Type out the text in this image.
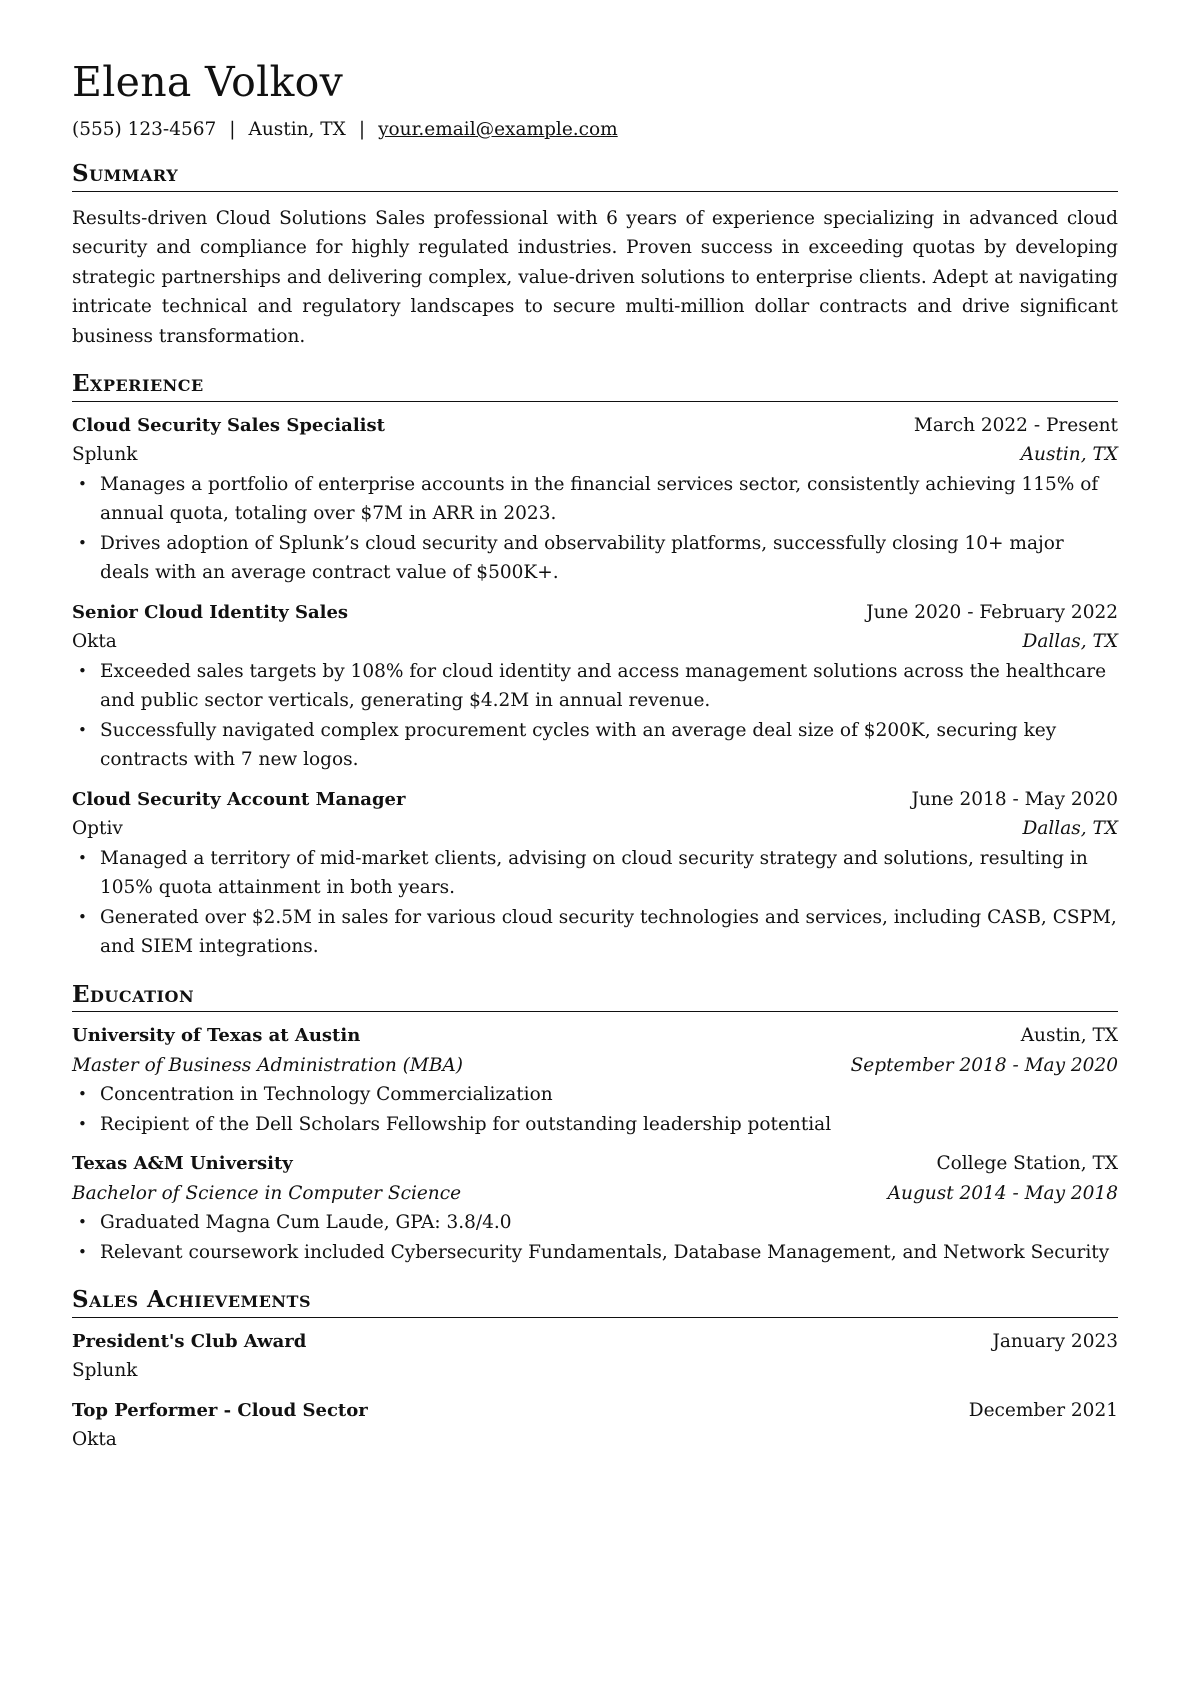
Elena Volkov
(555) 123-4567 | Austin, TX | your.email@example.com
Summary
Results-driven Cloud Solutions Sales professional with 6 years of experience specializing in advanced cloud security and compliance for highly regulated industries. Proven success in exceeding quotas by developing strategic partnerships and delivering complex, value-driven solutions to enterprise clients. Adept at navigating intricate technical and regulatory landscapes to secure multi-million dollar contracts and drive significant business transformation.
Experience
Cloud Security Sales Specialist	March 2022 - Present
Splunk	Austin, TX
• Manages a portfolio of enterprise accounts in the financial services sector, consistently achieving 115% of annual quota, totaling over $7M in ARR in 2023.
• Drives adoption of Splunk’s cloud security and observability platforms, successfully closing 10+ major deals with an average contract value of $500K+.
Senior Cloud Identity Sales	June 2020 - February 2022
Okta	Dallas, TX
• Exceeded sales targets by 108% for cloud identity and access management solutions across the healthcare and public sector verticals, generating $4.2M in annual revenue.
• Successfully navigated complex procurement cycles with an average deal size of $200K, securing key contracts with 7 new logos.
Cloud Security Account Manager	June 2018 - May 2020
Optiv	Dallas, TX
• Managed a territory of mid-market clients, advising on cloud security strategy and solutions, resulting in 105% quota attainment in both years.
• Generated over $2.5M in sales for various cloud security technologies and services, including CASB, CSPM, and SIEM integrations.
Education
University of Texas at Austin	Austin, TX
Master of Business Administration (MBA)	September 2018 - May 2020
• Concentration in Technology Commercialization
• Recipient of the Dell Scholars Fellowship for outstanding leadership potential
Texas A&M University	College Station, TX
Bachelor of Science in Computer Science	August 2014 - May 2018
• Graduated Magna Cum Laude, GPA: 3.8/4.0
• Relevant coursework included Cybersecurity Fundamentals, Database Management, and Network Security
Sales Achievements
President's Club Award	January 2023
Splunk
Top Performer - Cloud Sector	December 2021
Okta
